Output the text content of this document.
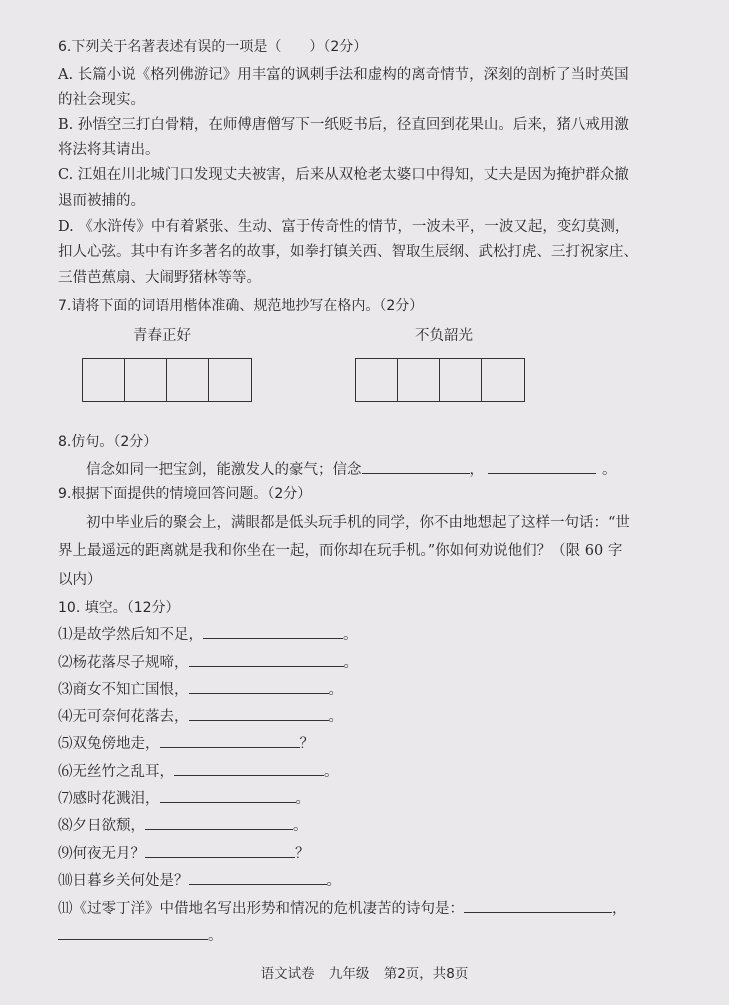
6.下列关于名著表述有误的一项是（　　）（2分）
A. 长篇小说《格列佛游记》用丰富的讽刺手法和虚构的离奇情节，深刻的剖析了当时英国
的社会现实。
B. 孙悟空三打白骨精，在师傅唐僧写下一纸贬书后，径直回到花果山。后来，猪八戒用激
将法将其请出。
C. 江姐在川北城门口发现丈夫被害，后来从双枪老太婆口中得知，丈夫是因为掩护群众撤
退而被捕的。
D. 《水浒传》中有着紧张、生动、富于传奇性的情节，一波未平，一波又起，变幻莫测，
扣人心弦。其中有许多著名的故事，如拳打镇关西、智取生辰纲、武松打虎、三打祝家庄、
三借芭蕉扇、大闹野猪林等等。
7.请将下面的词语用楷体准确、规范地抄写在格内。（2分）
青春正好	不负韶光
8.仿句。（2分）
信念如同一把宝剑，能激发人的豪气；信念	，	。
9.根据下面提供的情境回答问题。（2分）
初中毕业后的聚会上，满眼都是低头玩手机的同学，你不由地想起了这样一句话：“世
界上最遥远的距离就是我和你坐在一起，而你却在玩手机。”你如何劝说他们？（限 60 字
以内）
10. 填空。（12分）
⑴是故学然后知不足，	。
⑵杨花落尽子规啼，	。
⑶商女不知亡国恨，	。
⑷无可奈何花落去，	。
⑸双兔傍地走，	？
⑹无丝竹之乱耳，	。
⑺感时花溅泪，	。
⑻夕日欲颓，	。
⑼何夜无月？	？
⑽日暮乡关何处是？	。
⑾《过零丁洋》中借地名写出形势和情况的危机凄苦的诗句是：	，
。
语文试卷 九年级 第2页，共8页
